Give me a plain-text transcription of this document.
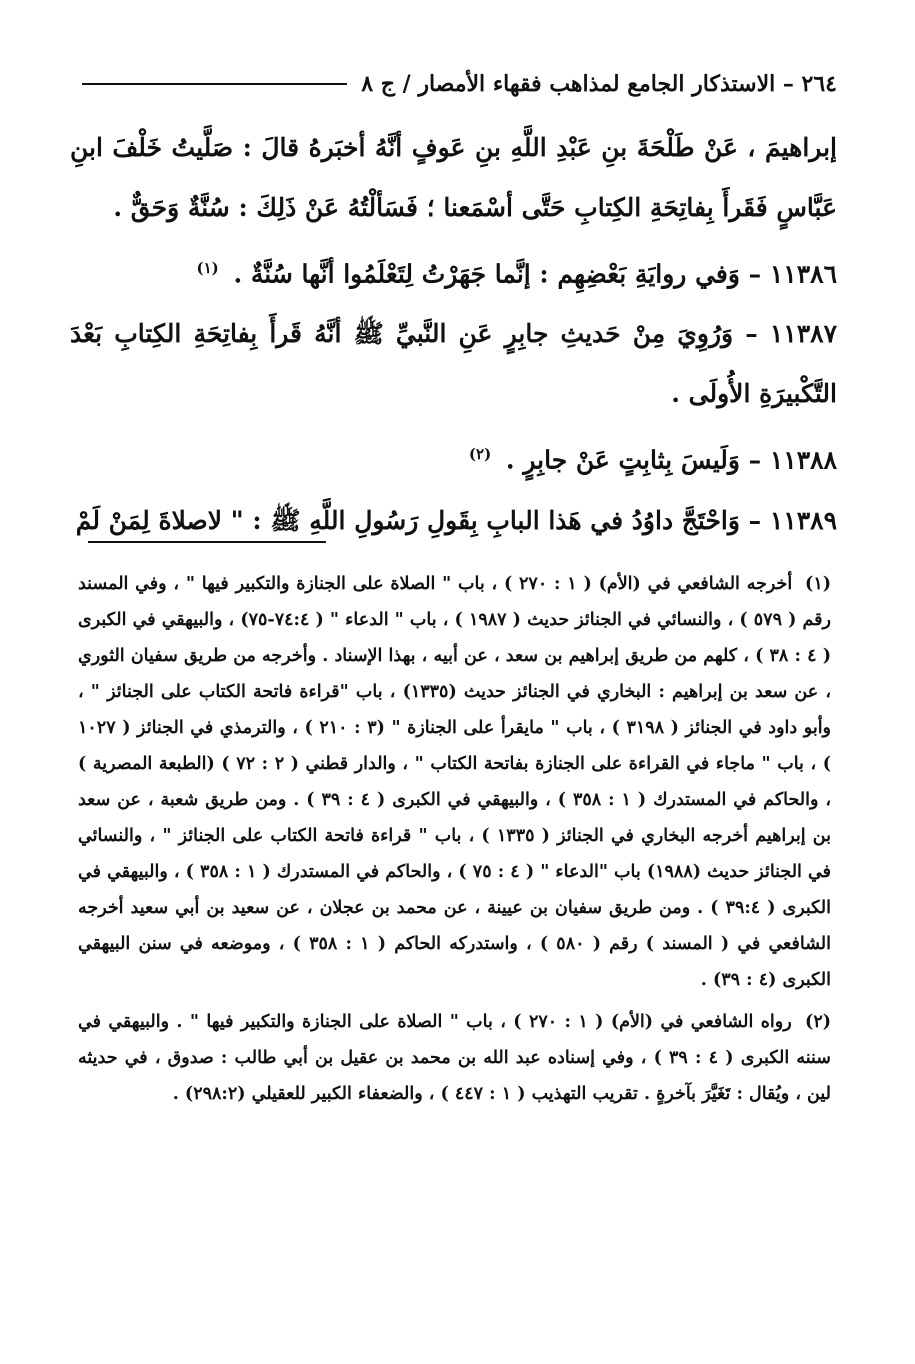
٢٦٤ – الاستذكار الجامع لمذاهب فقهاء الأمصار / ج ٨

إبراهيمَ ، عَنْ طَلْحَةَ بنِ عَبْدِ اللَّهِ بنِ عَوفٍ أنَّهُ أخبَرهُ قالَ : صَلَّيتُ خَلْفَ ابنِ عَبَّاسٍ فَقَرأَ بِفاتِحَةِ الكِتابِ حَتَّى أسْمَعنا ؛ فَسَألْتُهُ عَنْ ذَلِكَ : سُنَّةٌ وَحَقٌّ .

١١٣٨٦ – وَفي روايَةِ بَعْضِهِم : إنَّما جَهَرْتُ لِتَعْلَمُوا أنَّها سُنَّةٌ . $^{(١)}$

١١٣٨٧ – وَرُوِيَ مِنْ حَديثِ جابِرٍ عَنِ النَّبيِّ ﷺ أنَّهُ قَرأَ بِفاتِحَةِ الكِتابِ بَعْدَ التَّكْبيرَةِ الأُولَى .

١١٣٨٨ – وَلَيسَ بِثابِتٍ عَنْ جابِرٍ . $^{(٢)}$

١١٣٨٩ – وَاحْتَجَّ داوُدُ في هَذا البابِ بِقَولِ رَسُولِ اللَّهِ ﷺ : " لاصلاةَ لِمَنْ لَمْ

(١) أخرجه الشافعي في (الأم) ( ١ : ٢٧٠ ) ، باب " الصلاة على الجنازة والتكبير فيها " ، وفي المسند رقم ( ٥٧٩ ) ، والنسائي في الجنائز حديث ( ١٩٨٧ ) ، باب " الدعاء " ( ٧٤:٤-٧٥) ، والبيهقي في الكبرى ( ٤ : ٣٨ ) ، كلهم من طريق إبراهيم بن سعد ، عن أبيه ، بهذا الإسناد . وأخرجه من طريق سفيان الثوري ، عن سعد بن إبراهيم : البخاري في الجنائز حديث (١٣٣٥) ، باب "قراءة فاتحة الكتاب على الجنائز " ، وأبو داود في الجنائز ( ٣١٩٨ ) ، باب " مايقرأ على الجنازة " (٣ : ٢١٠ ) ، والترمذي في الجنائز ( ١٠٢٧ ) ، باب " ماجاء في القراءة على الجنازة بفاتحة الكتاب " ، والدار قطني ( ٢ : ٧٢ ) (الطبعة المصرية ) ، والحاكم في المستدرك ( ١ : ٣٥٨ ) ، والبيهقي في الكبرى ( ٤ : ٣٩ ) . ومن طريق شعبة ، عن سعد بن إبراهيم أخرجه البخاري في الجنائز ( ١٣٣٥ ) ، باب " قراءة فاتحة الكتاب على الجنائز " ، والنسائي في الجنائز حديث (١٩٨٨) باب "الدعاء " ( ٤ : ٧٥ ) ، والحاكم في المستدرك ( ١ : ٣٥٨ ) ، والبيهقي في الكبرى ( ٣٩:٤ ) . ومن طريق سفيان بن عيينة ، عن محمد بن عجلان ، عن سعيد بن أبي سعيد أخرجه الشافعي في ( المسند ) رقم ( ٥٨٠ ) ، واستدركه الحاكم ( ١ : ٣٥٨ ) ، وموضعه في سنن البيهقي الكبرى (٤ : ٣٩) .

(٢) رواه الشافعي في (الأم) ( ١ : ٢٧٠ ) ، باب " الصلاة على الجنازة والتكبير فيها " . والبيهقي في سننه الكبرى ( ٤ : ٣٩ ) ، وفي إسناده عبد الله بن محمد بن عقيل بن أبي طالب : صدوق ، في حديثه لين ، ويُقال : تَغَيَّرَ بآخرةٍ . تقريب التهذيب ( ١ : ٤٤٧ ) ، والضعفاء الكبير للعقيلي (٢٩٨:٢) .
